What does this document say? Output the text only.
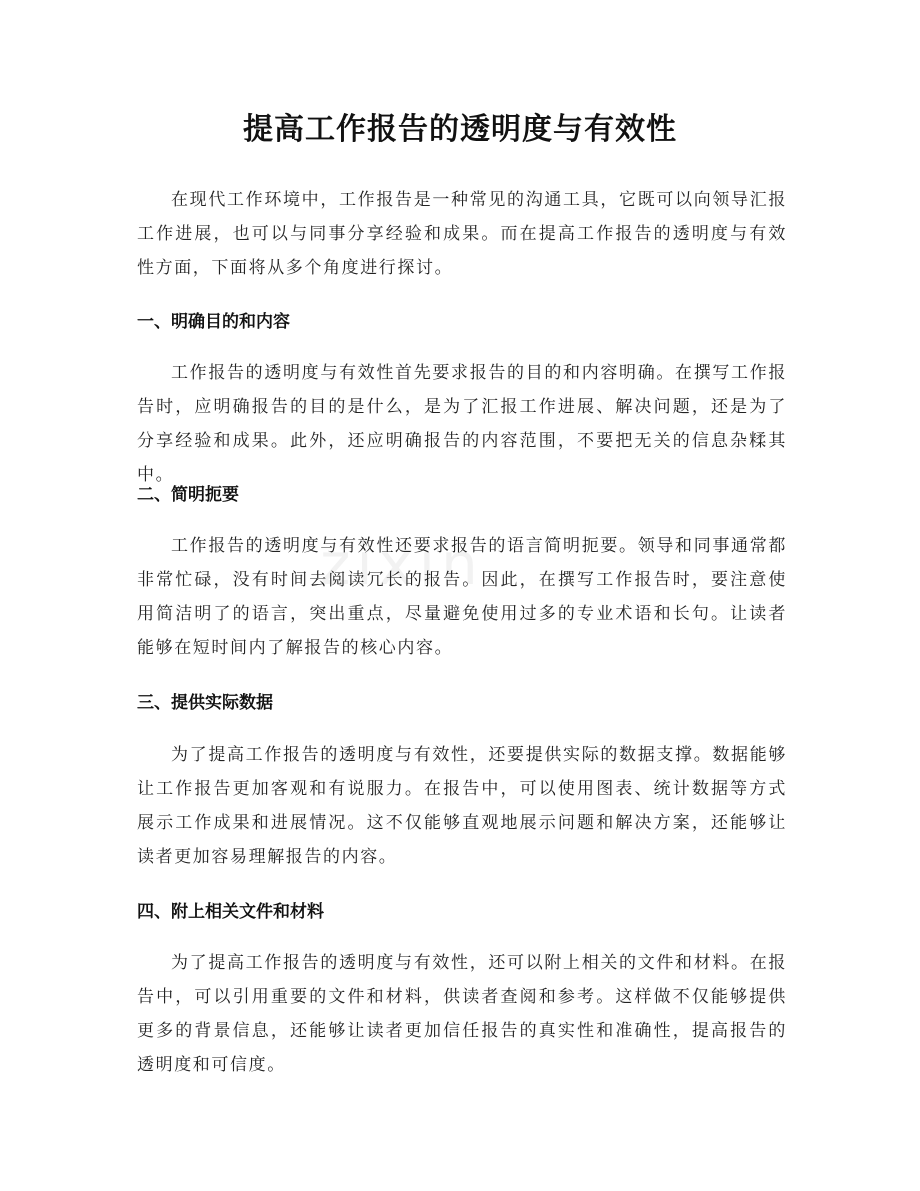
zixin
提高工作报告的透明度与有效性

在现代工作环境中，工作报告是一种常见的沟通工具，它既可以向领导汇报工作进展，也可以与同事分享经验和成果。而在提高工作报告的透明度与有效性方面，下面将从多个角度进行探讨。

一、明确目的和内容

工作报告的透明度与有效性首先要求报告的目的和内容明确。在撰写工作报告时，应明确报告的目的是什么，是为了汇报工作进展、解决问题，还是为了分享经验和成果。此外，还应明确报告的内容范围，不要把无关的信息杂糅其中。

二、简明扼要

工作报告的透明度与有效性还要求报告的语言简明扼要。领导和同事通常都非常忙碌，没有时间去阅读冗长的报告。因此，在撰写工作报告时，要注意使用简洁明了的语言，突出重点，尽量避免使用过多的专业术语和长句。让读者能够在短时间内了解报告的核心内容。

三、提供实际数据

为了提高工作报告的透明度与有效性，还要提供实际的数据支撑。数据能够让工作报告更加客观和有说服力。在报告中，可以使用图表、统计数据等方式展示工作成果和进展情况。这不仅能够直观地展示问题和解决方案，还能够让读者更加容易理解报告的内容。

四、附上相关文件和材料

为了提高工作报告的透明度与有效性，还可以附上相关的文件和材料。在报告中，可以引用重要的文件和材料，供读者查阅和参考。这样做不仅能够提供更多的背景信息，还能够让读者更加信任报告的真实性和准确性，提高报告的透明度和可信度。
